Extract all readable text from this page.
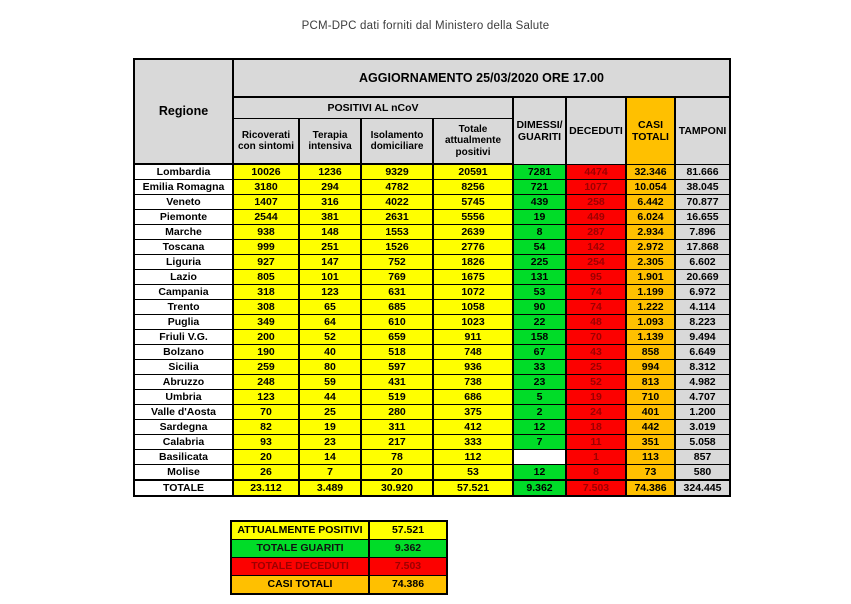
PCM-DPC dati forniti dal Ministero della Salute
Regione	AGGIORNAMENTO 25/03/2020 ORE 17.00							
	POSITIVI AL nCoV				DIMESSI/ GUARITI	DECEDUTI	CASI TOTALI	TAMPONI
	Ricoverati con sintomi	Terapia intensiva	Isolamento domiciliare	Totale attualmente positivi				
Lombardia	10026	1236	9329	20591	7281	4474	32.346	81.666
Emilia Romagna	3180	294	4782	8256	721	1077	10.054	38.045
Veneto	1407	316	4022	5745	439	258	6.442	70.877
Piemonte	2544	381	2631	5556	19	449	6.024	16.655
Marche	938	148	1553	2639	8	287	2.934	7.896
Toscana	999	251	1526	2776	54	142	2.972	17.868
Liguria	927	147	752	1826	225	254	2.305	6.602
Lazio	805	101	769	1675	131	95	1.901	20.669
Campania	318	123	631	1072	53	74	1.199	6.972
Trento	308	65	685	1058	90	74	1.222	4.114
Puglia	349	64	610	1023	22	48	1.093	8.223
Friuli V.G.	200	52	659	911	158	70	1.139	9.494
Bolzano	190	40	518	748	67	43	858	6.649
Sicilia	259	80	597	936	33	25	994	8.312
Abruzzo	248	59	431	738	23	52	813	4.982
Umbria	123	44	519	686	5	19	710	4.707
Valle d'Aosta	70	25	280	375	2	24	401	1.200
Sardegna	82	19	311	412	12	18	442	3.019
Calabria	93	23	217	333	7	11	351	5.058
Basilicata	20	14	78	112		1	113	857
Molise	26	7	20	53	12	8	73	580
TOTALE	23.112	3.489	30.920	57.521	9.362	7.503	74.386	324.445
ATTUALMENTE POSITIVI	57.521
TOTALE GUARITI	9.362
TOTALE DECEDUTI	7.503
CASI TOTALI	74.386
